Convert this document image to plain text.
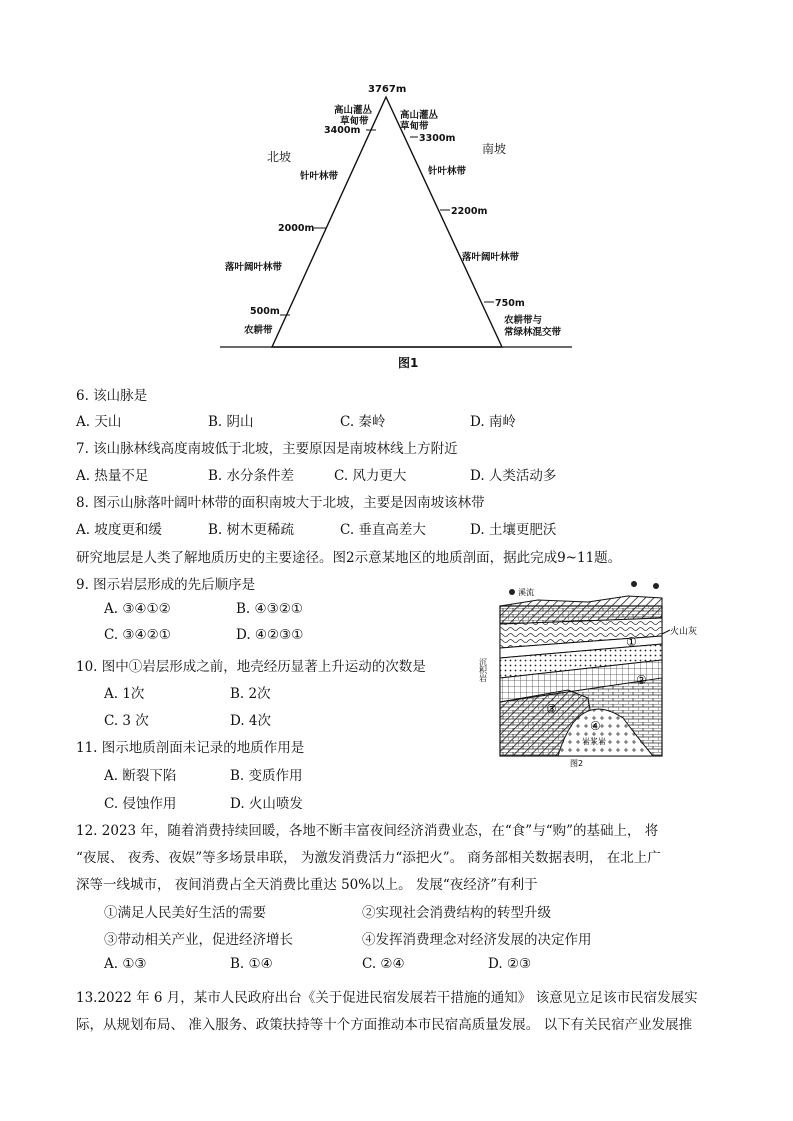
3767m
北坡
高山灌丛
草甸带
3400m
针叶林带
2000m
落叶阔叶林带
500m
农耕带
南坡
高山灌丛
草甸带
3300m
针叶林带
2200m
落叶阔叶林带
750m
农耕带与
常绿林混交带
图1
6. 该山脉是
A. 天山	B. 阴山	C. 秦岭	D. 南岭
7. 该山脉林线高度南坡低于北坡，主要原因是南坡林线上方附近
A. 热量不足	B. 水分条件差	C. 风力更大	D. 人类活动多
8. 图示山脉落叶阔叶林带的面积南坡大于北坡，主要是因南坡该林带
A. 坡度更和缓	B. 树木更稀疏	C. 垂直高差大	D. 土壤更肥沃
研究地层是人类了解地质历史的主要途径。图2示意某地区的地质剖面，据此完成9~11题。
溪流
①
火山灰
②
③
④
岩浆岩
沉积岩
图2
9. 图示岩层形成的先后顺序是
A. ③④①②	B. ④③②①
C. ③④②①	D. ④②③①
10. 图中①岩层形成之前，地壳经历显著上升运动的次数是
A. 1次	B. 2次
C. 3 次	D. 4次
11. 图示地质剖面未记录的地质作用是
A. 断裂下陷	B. 变质作用
C. 侵蚀作用	D. 火山喷发
12. 2023 年，随着消费持续回暖，各地不断丰富夜间经济消费业态，在“食”与“购”的基础上， 将
“夜展、 夜秀、夜娱”等多场景串联， 为激发消费活力“添把火”。 商务部相关数据表明， 在北上广
深等一线城市， 夜间消费占全天消费比重达 50%以上。 发展“夜经济”有利于
①满足人民美好生活的需要	②实现社会消费结构的转型升级
③带动相关产业，促进经济增长	④发挥消费理念对经济发展的决定作用
A. ①③	B. ①④	C. ②④	D. ②③
13.2022 年 6 月，某市人民政府出台《关于促进民宿发展若干措施的通知》 该意见立足该市民宿发展实
际，从规划布局、 准入服务、政策扶持等十个方面推动本市民宿高质量发展。 以下有关民宿产业发展推
